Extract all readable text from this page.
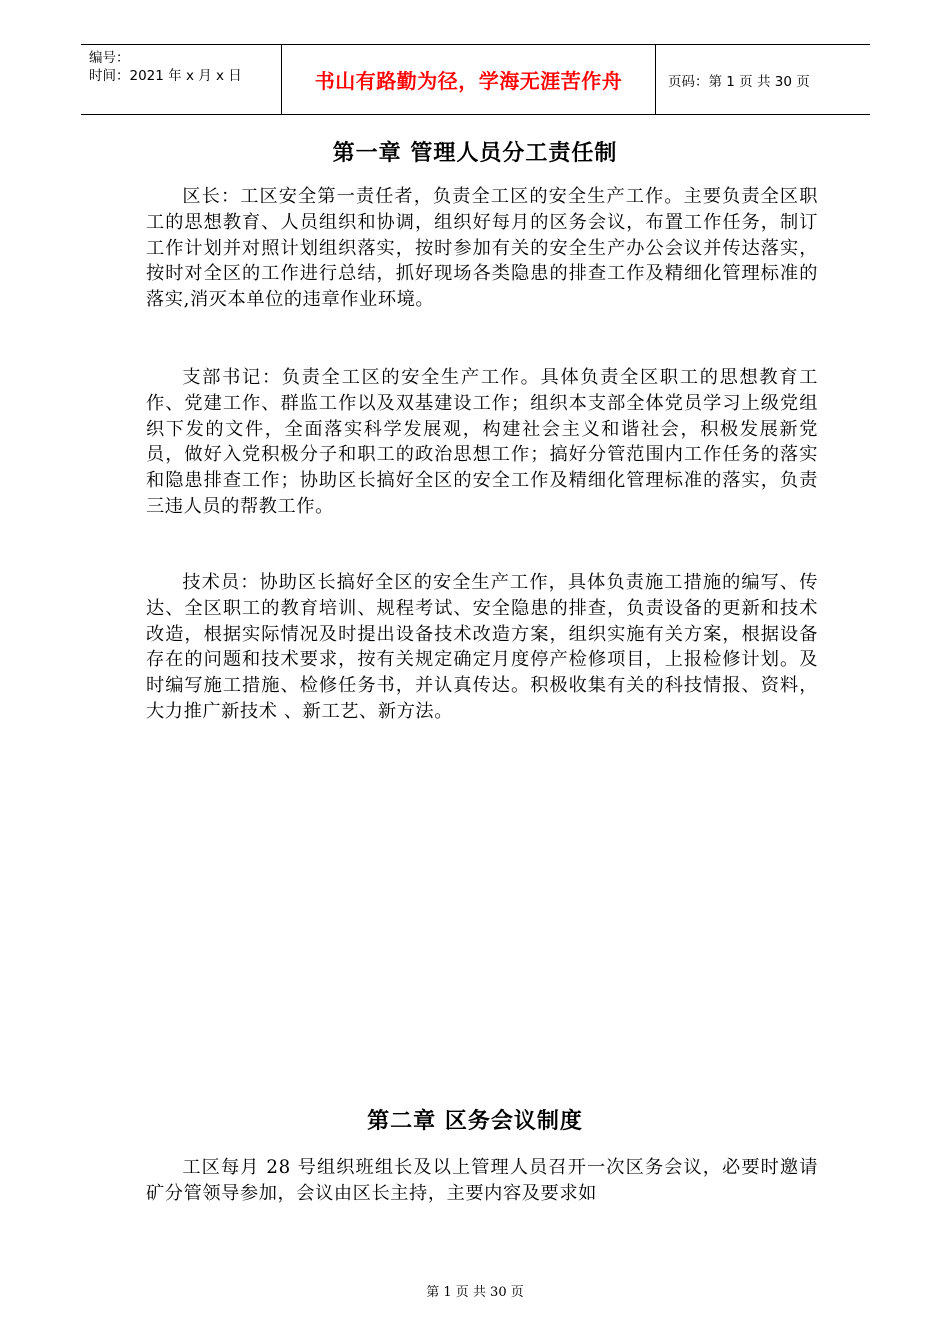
编号：
时间：2021 年 x 月 x 日	书山有路勤为径，学海无涯苦作舟	页码：第 1 页 共 30 页
第一章 管理人员分工责任制

区长：工区安全第一责任者，负责全工区的安全生产工作。主要负责全区职工的思想教育、人员组织和协调，组织好每月的区务会议，布置工作任务，制订工作计划并对照计划组织落实，按时参加有关的安全生产办公会议并传达落实，按时对全区的工作进行总结，抓好现场各类隐患的排查工作及精细化管理标准的落实,消灭本单位的违章作业环境。

支部书记：负责全工区的安全生产工作。具体负责全区职工的思想教育工作、党建工作、群监工作以及双基建设工作；组织本支部全体党员学习上级党组织下发的文件，全面落实科学发展观，构建社会主义和谐社会，积极发展新党员，做好入党积极分子和职工的政治思想工作；搞好分管范围内工作任务的落实和隐患排查工作；协助区长搞好全区的安全工作及精细化管理标准的落实，负责三违人员的帮教工作。

技术员：协助区长搞好全区的安全生产工作，具体负责施工措施的编写、传达、全区职工的教育培训、规程考试、安全隐患的排查，负责设备的更新和技术改造，根据实际情况及时提出设备技术改造方案，组织实施有关方案，根据设备存在的问题和技术要求，按有关规定确定月度停产检修项目，上报检修计划。及时编写施工措施、检修任务书，并认真传达。积极收集有关的科技情报、资料，大力推广新技术 、新工艺、新方法。

第二章 区务会议制度

工区每月 28 号组织班组长及以上管理人员召开一次区务会议，必要时邀请矿分管领导参加，会议由区长主持，主要内容及要求如

第 1 页 共 30 页
